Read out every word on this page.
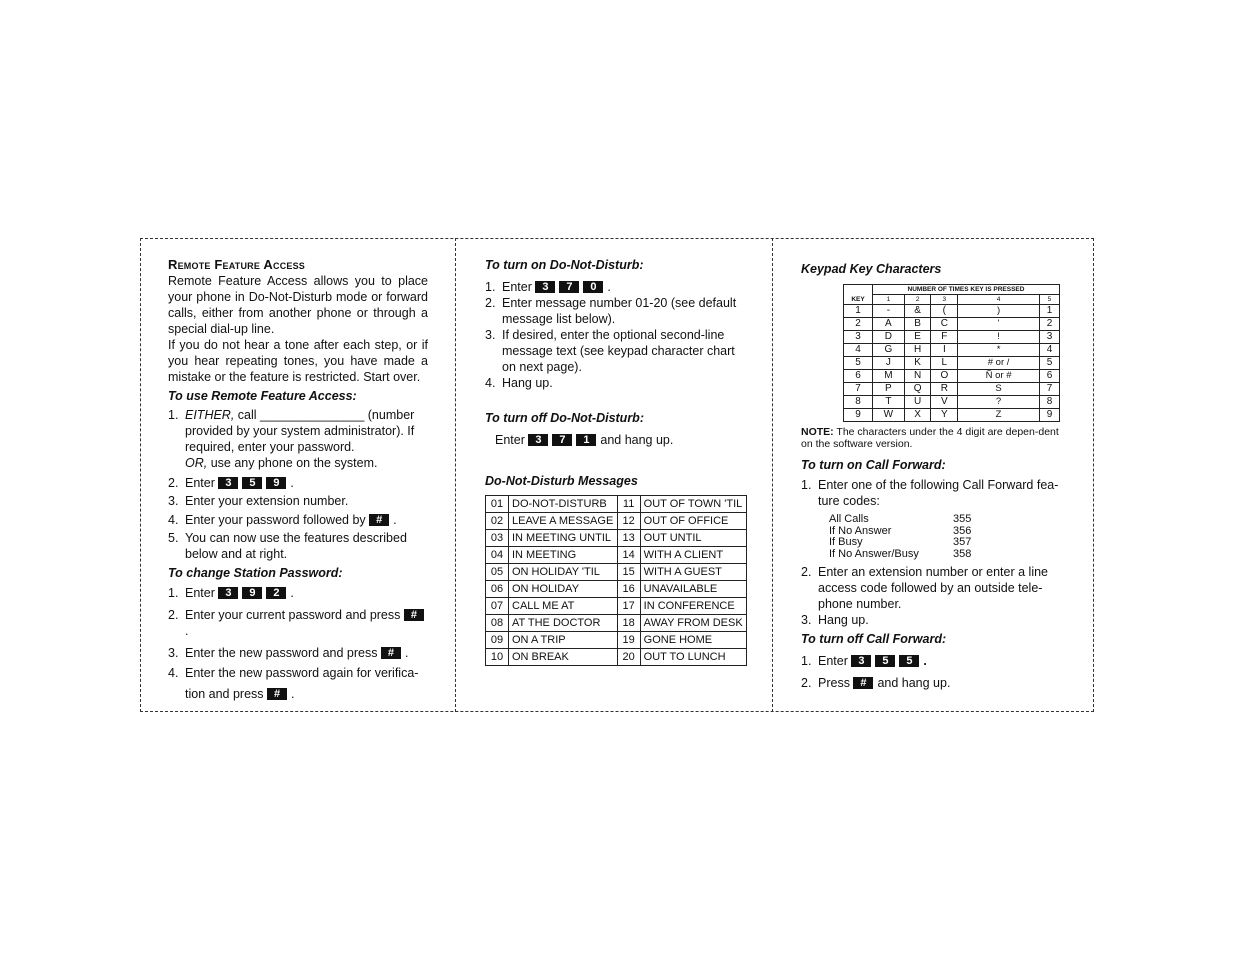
Remote Feature Access

Remote Feature Access allows you to place your phone in Do-Not-Disturb mode or forward calls, either from another phone or through a special dial-up line.

If you do not hear a tone after each step, or if you hear repeating tones, you have made a mistake or the feature is restricted. Start over.

To use Remote Feature Access:
1. EITHER, call _______________ (number provided by your system administrator). If required, enter your password.
OR, use any phone on the system.
2. Enter 3 5 9 .
3. Enter your extension number.
4. Enter your password followed by # .
5. You can now use the features described below and at right.
To change Station Password:
1. Enter 3 9 2 .
2. Enter your current password and press #.
3. Enter the new password and press # .
4. Enter the new password again for verifica-tion and press # .
To turn on Do-Not-Disturb:
1. Enter 3 7 0 .
2. Enter message number 01-20 (see default message list below).
3. If desired, enter the optional second-line message text (see keypad character chart on next page).
4. Hang up.
To turn off Do-Not-Disturb:
Enter 3 7 1 and hang up.
Do-Not-Disturb Messages
01	DO-NOT-DISTURB	11	OUT OF TOWN 'TIL
02	LEAVE A MESSAGE	12	OUT OF OFFICE
03	IN MEETING UNTIL	13	OUT UNTIL
04	IN MEETING	14	WITH A CLIENT
05	ON HOLIDAY 'TIL	15	WITH A GUEST
06	ON HOLIDAY	16	UNAVAILABLE
07	CALL ME AT	17	IN CONFERENCE
08	AT THE DOCTOR	18	AWAY FROM DESK
09	ON A TRIP	19	GONE HOME
10	ON BREAK	20	OUT TO LUNCH
Keypad Key Characters
	NUMBER OF TIMES KEY IS PRESSED				
KEY	1	2	3	4	5
1	-	&	(	)	1
2	A	B	C	'	2
3	D	E	F	!	3
4	G	H	I	*	4
5	J	K	L	# or /	5
6	M	N	O	Ñ or #	6
7	P	Q	R	S	7
8	T	U	V	?	8
9	W	X	Y	Z	9

NOTE: The characters under the 4 digit are depen-dent on the software version.

To turn on Call Forward:
1. Enter one of the following Call Forward fea-ture codes:
All Calls	355
If No Answer	356
If Busy	357
If No Answer/Busy	358
2. Enter an extension number or enter a line access code followed by an outside tele-phone number.
3. Hang up.
To turn off Call Forward:
1. Enter 3 5 5 .
2. Press # and hang up.
